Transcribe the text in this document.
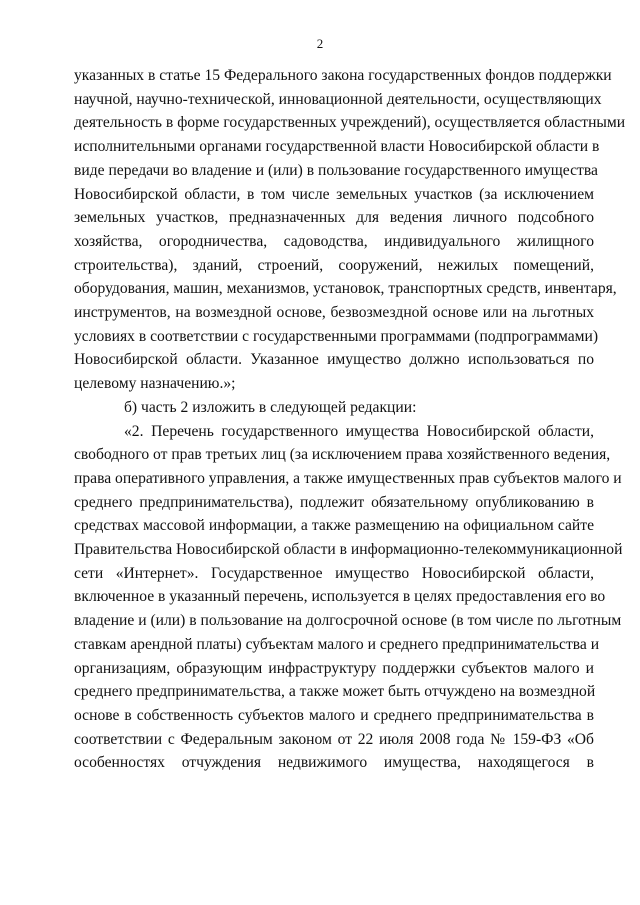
2

указанных в статье 15 Федерального закона государственных фондов поддержки

научной, научно-технической, инновационной деятельности, осуществляющих

деятельность в форме государственных учреждений), осуществляется областными

исполнительными органами государственной власти Новосибирской области в

виде передачи во владение и (или) в пользование государственного имущества

Новосибирской области, в том числе земельных участков (за исключением

земельных участков, предназначенных для ведения личного подсобного

хозяйства, огородничества, садоводства, индивидуального жилищного

строительства), зданий, строений, сооружений, нежилых помещений,

оборудования, машин, механизмов, установок, транспортных средств, инвентаря,

инструментов, на возмездной основе, безвозмездной основе или на льготных

условиях в соответствии с государственными программами (подпрограммами)

Новосибирской области. Указанное имущество должно использоваться по

целевому назначению.»;

б) часть 2 изложить в следующей редакции:

«2. Перечень государственного имущества Новосибирской области,

свободного от прав третьих лиц (за исключением права хозяйственного ведения,

права оперативного управления, а также имущественных прав субъектов малого и

среднего предпринимательства), подлежит обязательному опубликованию в

средствах массовой информации, а также размещению на официальном сайте

Правительства Новосибирской области в информационно-телекоммуникационной

сети «Интернет». Государственное имущество Новосибирской области,

включенное в указанный перечень, используется в целях предоставления его во

владение и (или) в пользование на долгосрочной основе (в том числе по льготным

ставкам арендной платы) субъектам малого и среднего предпринимательства и

организациям, образующим инфраструктуру поддержки субъектов малого и

среднего предпринимательства, а также может быть отчуждено на возмездной

основе в собственность субъектов малого и среднего предпринимательства в

соответствии с Федеральным законом от 22 июля 2008 года № 159-ФЗ «Об

особенностях отчуждения недвижимого имущества, находящегося в
